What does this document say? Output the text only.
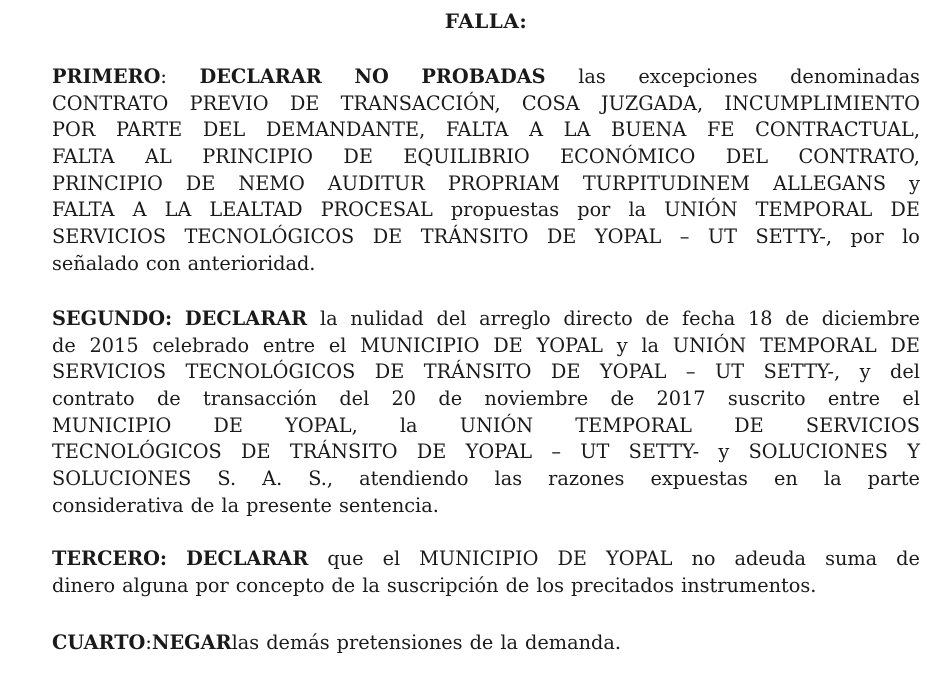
FALLA:
PRIMERO: DECLARAR NO PROBADAS las excepciones denominadas
CONTRATO PREVIO DE TRANSACCIÓN, COSA JUZGADA, INCUMPLIMIENTO
POR PARTE DEL DEMANDANTE, FALTA A LA BUENA FE CONTRACTUAL,
FALTA AL PRINCIPIO DE EQUILIBRIO ECONÓMICO DEL CONTRATO,
PRINCIPIO DE NEMO AUDITUR PROPRIAM TURPITUDINEM ALLEGANS y
FALTA A LA LEALTAD PROCESAL propuestas por la UNIÓN TEMPORAL DE
SERVICIOS TECNOLÓGICOS DE TRÁNSITO DE YOPAL – UT SETTY-, por lo
señalado con anterioridad.
SEGUNDO: DECLARAR la nulidad del arreglo directo de fecha 18 de diciembre
de 2015 celebrado entre el MUNICIPIO DE YOPAL y la UNIÓN TEMPORAL DE
SERVICIOS TECNOLÓGICOS DE TRÁNSITO DE YOPAL – UT SETTY-, y del
contrato de transacción del 20 de noviembre de 2017 suscrito entre el
MUNICIPIO DE YOPAL, la UNIÓN TEMPORAL DE SERVICIOS
TECNOLÓGICOS DE TRÁNSITO DE YOPAL – UT SETTY- y SOLUCIONES Y
SOLUCIONES S. A. S., atendiendo las razones expuestas en la parte
considerativa de la presente sentencia.
TERCERO: DECLARAR que el MUNICIPIO DE YOPAL no adeuda suma de
dinero alguna por concepto de la suscripción de los precitados instrumentos.
CUARTO: NEGAR las demás pretensiones de la demanda.
